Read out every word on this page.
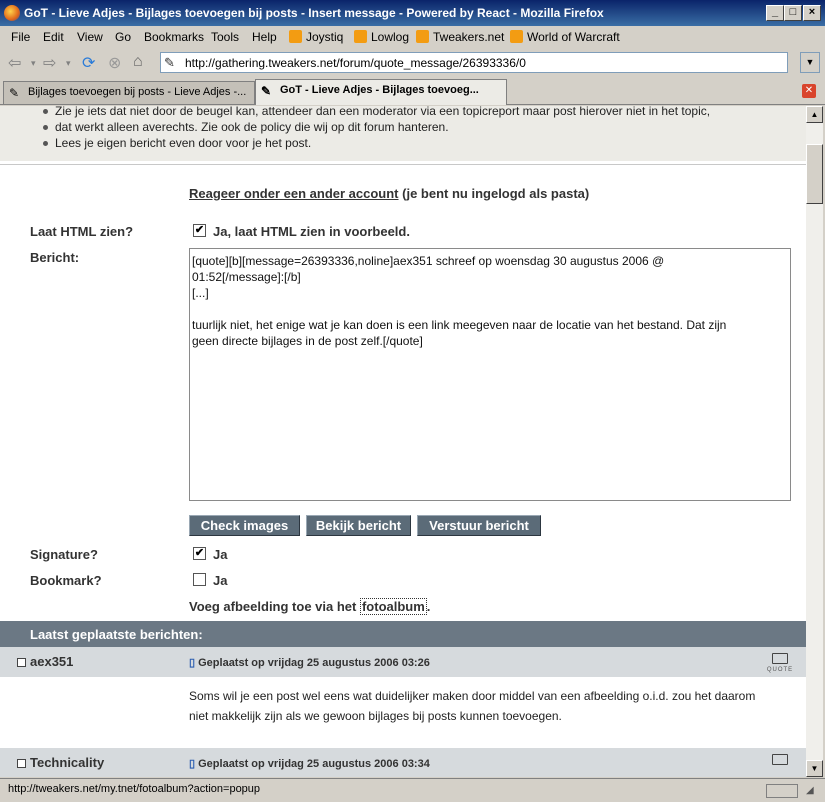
GoT - Lieve Adjes - Bijlages toevoegen bij posts - Insert message - Powered by React - Mozilla Firefox	_	□	×
File Edit View Go Bookmarks Tools Help	Joystiq	Lowlog	Tweakers.net	World of Warcraft
⇦ ▾ ⇨ ▾ ⟳ ⊗ ⌂ ✎ http://gathering.tweakers.net/forum/quote_message/26393336/0	▼
✎ Bijlages toevoegen bij posts - Lieve Adjes -... ✎ GoT - Lieve Adjes - Bijlages toevoeg...	✕
Zie je iets dat niet door de beugel kan, attendeer dan een moderator via een topicreport maar post hierover niet in het topic,
dat werkt alleen averechts. Zie ook de policy die wij op dit forum hanteren.
Lees je eigen bericht even door voor je het post.
Reageer onder een ander account (je bent nu ingelogd als pasta)
Laat HTML zien?	✔ Ja, laat HTML zien in voorbeeld.
Bericht:	[quote][b][message=26393336,noline]aex351 schreef op woensdag 30 augustus 2006 @
01:52[/message]:[/b]
[...]

tuurlijk niet, het enige wat je kan doen is een link meegeven naar de locatie van het bestand. Dat zijn
geen directe bijlages in de post zelf.[/quote]
Check images	Bekijk bericht	Verstuur bericht
Signature?	✔ Ja
Bookmark?	Ja
Voeg afbeelding toe via het fotoalbum .
Laatst geplaatste berichten:
aex351	▯ Geplaatst op vrijdag 25 augustus 2006 03:26
QUOTE
Soms wil je een post wel eens wat duidelijker maken door middel van een afbeelding o.i.d. zou het daarom niet makkelijk zijn als we gewoon bijlages bij posts kunnen toevoegen.
Technicality	▯ Geplaatst op vrijdag 25 augustus 2006 03:34
▲
▼
http://tweakers.net/my.tnet/fotoalbum?action=popup	◢
